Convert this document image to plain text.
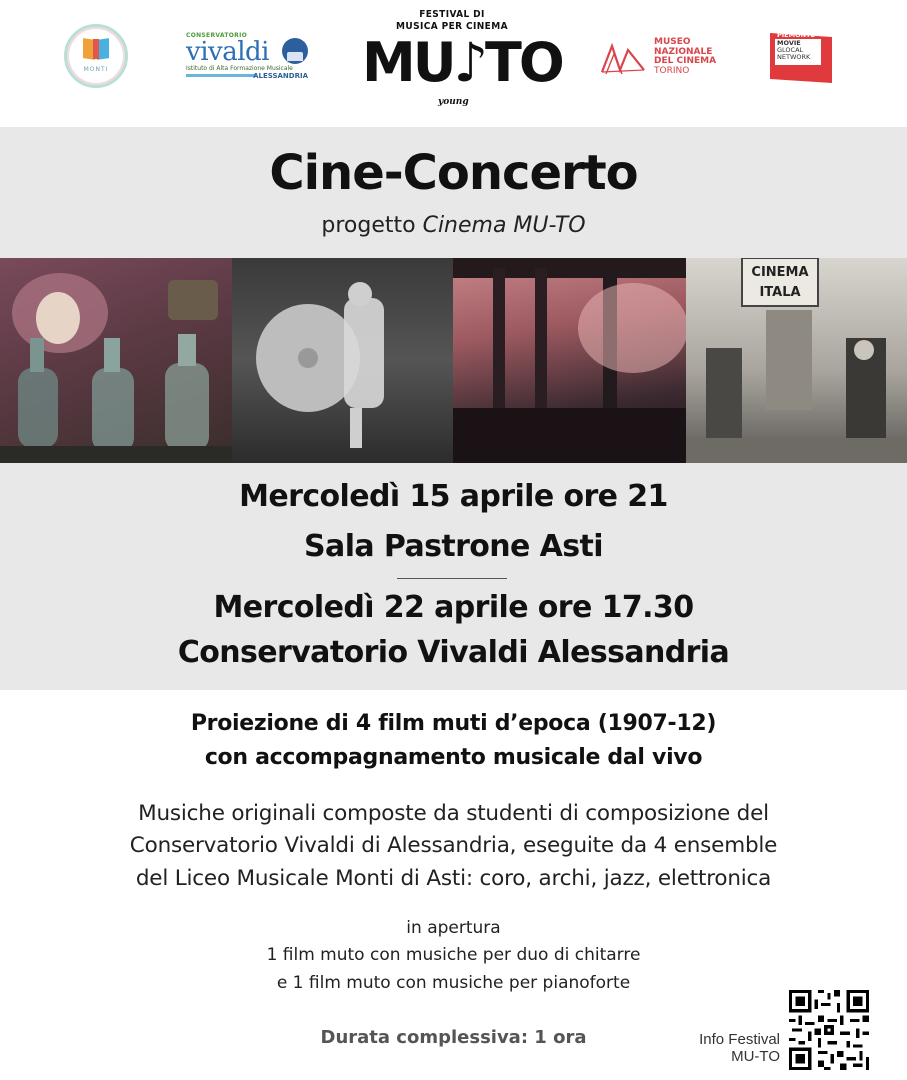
MONTI
CONSERVATORIO
vivaldi
Istituto di Alta Formazione Musicale
ALESSANDRIA
FESTIVAL DI
MUSICA PER CINEMA
MU♪TO
young
MUSEO
NAZIONALE
DEL CINEMA
TORINO
PIEMONTE
MOVIE
GLOCAL
NETWORK
Cine-Concerto
progetto Cinema MU-TO
CINEMA
ITALA
Mercoledì 15 aprile ore 21
Sala Pastrone Asti
Mercoledì 22 aprile ore 17.30
Conservatorio Vivaldi Alessandria
Proiezione di 4 film muti d’epoca (1907-12)
con accompagnamento musicale dal vivo
Musiche originali composte da studenti di composizione del
Conservatorio Vivaldi di Alessandria, eseguite da 4 ensemble
del Liceo Musicale Monti di Asti: coro, archi, jazz, elettronica
in apertura
1 film muto con musiche per duo di chitarre
e 1 film muto con musiche per pianoforte
Durata complessiva: 1 ora	Info Festival
MU-TO
